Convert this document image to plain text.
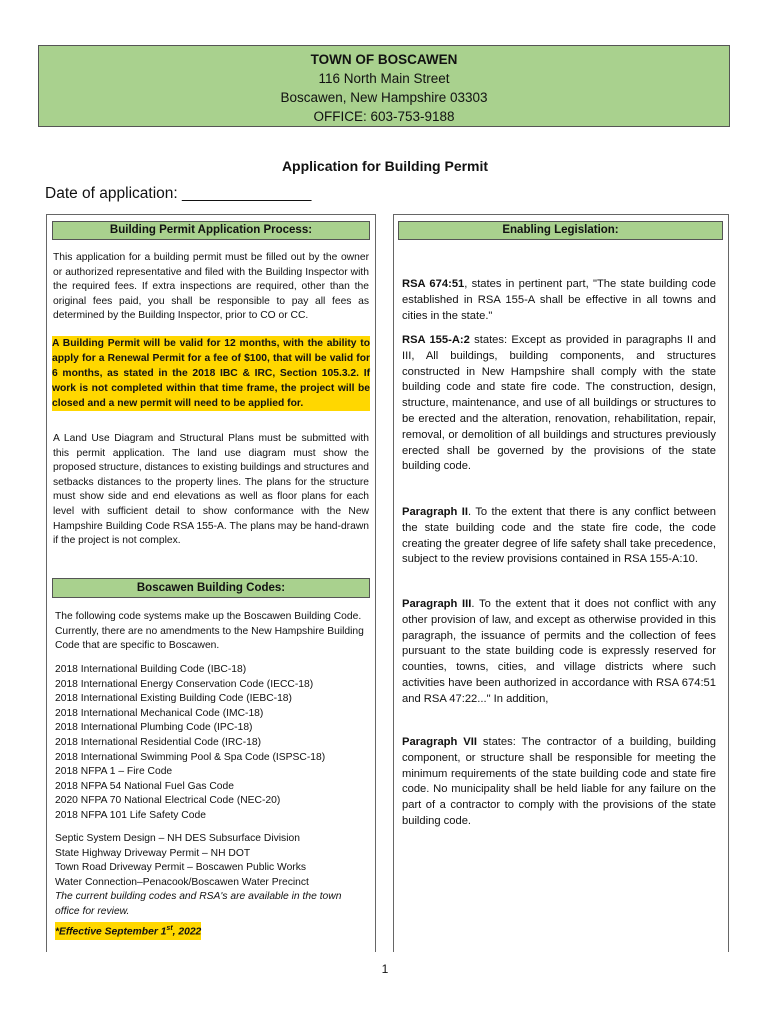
TOWN OF BOSCAWEN
116 North Main Street
Boscawen, New Hampshire 03303
OFFICE: 603-753-9188
Application for Building Permit
Date of application: _______________
Building Permit Application Process:
This application for a building permit must be filled out by the owner or authorized representative and filed with the Building Inspector with the required fees. If extra inspections are required, other than the original fees paid, you shall be responsible to pay all fees as determined by the Building Inspector, prior to CO or CC.
A Building Permit will be valid for 12 months, with the ability to apply for a Renewal Permit for a fee of $100, that will be valid for 6 months, as stated in the 2018 IBC & IRC, Section 105.3.2. If work is not completed within that time frame, the project will be closed and a new permit will need to be applied for.
A Land Use Diagram and Structural Plans must be submitted with this permit application. The land use diagram must show the proposed structure, distances to existing buildings and structures and setbacks distances to the property lines. The plans for the structure must show side and end elevations as well as floor plans for each level with sufficient detail to show conformance with the New Hampshire Building Code RSA 155-A. The plans may be hand-drawn if the project is not complex.
Boscawen Building Codes:
The following code systems make up the Boscawen Building Code. Currently, there are no amendments to the New Hampshire Building Code that are specific to Boscawen.
2018 International Building Code (IBC-18)
2018 International Energy Conservation Code (IECC-18)
2018 International Existing Building Code (IEBC-18)
2018 International Mechanical Code (IMC-18)
2018 International Plumbing Code (IPC-18)
2018 International Residential Code (IRC-18)
2018 International Swimming Pool & Spa Code (ISPSC-18)
2018 NFPA 1 – Fire Code
2018 NFPA 54 National Fuel Gas Code
2020 NFPA 70 National Electrical Code (NEC-20)
2018 NFPA 101 Life Safety Code
Septic System Design – NH DES Subsurface Division
State Highway Driveway Permit – NH DOT
Town Road Driveway Permit – Boscawen Public Works
Water Connection–Penacook/Boscawen Water Precinct
The current building codes and RSA's are available in the town office for review.
*Effective September 1st, 2022
Enabling Legislation:
RSA 674:51, states in pertinent part, "The state building code established in RSA 155-A shall be effective in all towns and cities in the state."
RSA 155-A:2 states: Except as provided in paragraphs II and III, All buildings, building components, and structures constructed in New Hampshire shall comply with the state building code and state fire code. The construction, design, structure, maintenance, and use of all buildings or structures to be erected and the alteration, renovation, rehabilitation, repair, removal, or demolition of all buildings and structures previously erected shall be governed by the provisions of the state building code.
Paragraph II. To the extent that there is any conflict between the state building code and the state fire code, the code creating the greater degree of life safety shall take precedence, subject to the review provisions contained in RSA 155-A:10.
Paragraph III. To the extent that it does not conflict with any other provision of law, and except as otherwise provided in this paragraph, the issuance of permits and the collection of fees pursuant to the state building code is expressly reserved for counties, towns, cities, and village districts where such activities have been authorized in accordance with RSA 674:51 and RSA 47:22..." In addition,
Paragraph VII states: The contractor of a building, building component, or structure shall be responsible for meeting the minimum requirements of the state building code and state fire code. No municipality shall be held liable for any failure on the part of a contractor to comply with the provisions of the state building code.
1
